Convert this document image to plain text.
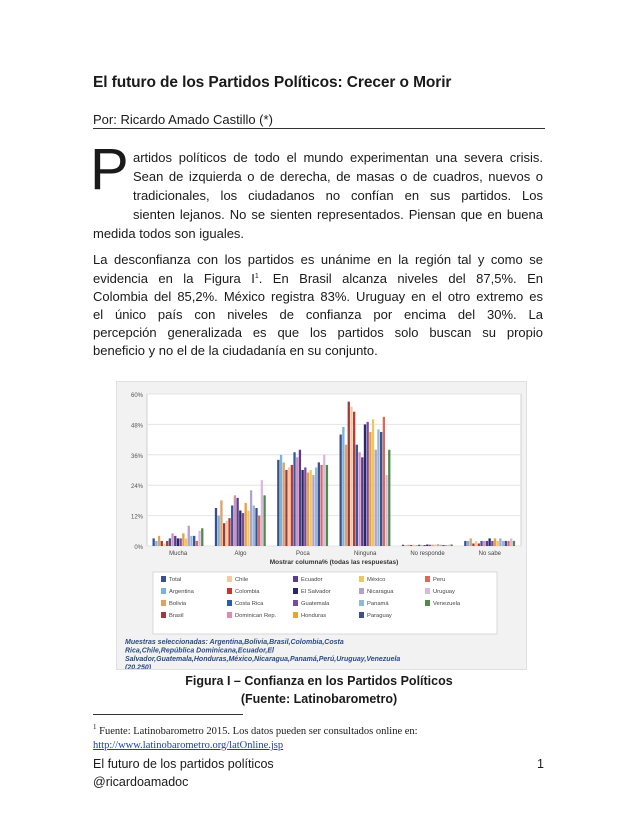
El futuro de los Partidos Políticos: Crecer o Morir
Por: Ricardo Amado Castillo (*)
P artidos políticos de todo el mundo experimentan una severa crisis.
Sean de izquierda o de derecha, de masas o de cuadros, nuevos o
tradicionales, los ciudadanos no confían en sus partidos. Los
sienten lejanos. No se sienten representados. Piensan que en buena
medida todos son iguales.
La desconfianza con los partidos es unánime en la región tal y como se
evidencia en la Figura $I^1$. En Brasil alcanza niveles del 87,5%. En
Colombia del 85,2%. México registra 83%. Uruguay en el otro extremo es
el único país con niveles de confianza por encima del 30%. La
percepción generalizada es que los partidos solo buscan su propio
beneficio y no el de la ciudadanía en su conjunto.
0%
12%
24%
36%
48%
60%
Mucha	Algo	Poca	Ninguna	No responde	No sabe
Mostrar columna% (todas las respuestas)
Total
Argentina
Bolivia
Brasil
Chile
Colombia
Costa Rica
Dominican Rep.
Ecuador
El Salvador
Guatemala
Honduras
México
Nicaragua
Panamá
Paraguay
Peru
Uruguay
Venezuela
Muestras seleccionadas: Argentina,Bolivia,Brasil,Colombia,Costa
Rica,Chile,República Dominicana,Ecuador,El
Salvador,Guatemala,Honduras,México,Nicaragua,Panamá,Perú,Uruguay,Venezuela
(20.250)
Figura I – Confianza en los Partidos Políticos
(Fuente: Latinobarometro)
$^1$ Fuente: Latinobarometro 2015. Los datos pueden ser consultados online en:
http://www.latinobarometro.org/latOnline.jsp
El futuro de los partidos políticos
@ricardoamadoc
1
